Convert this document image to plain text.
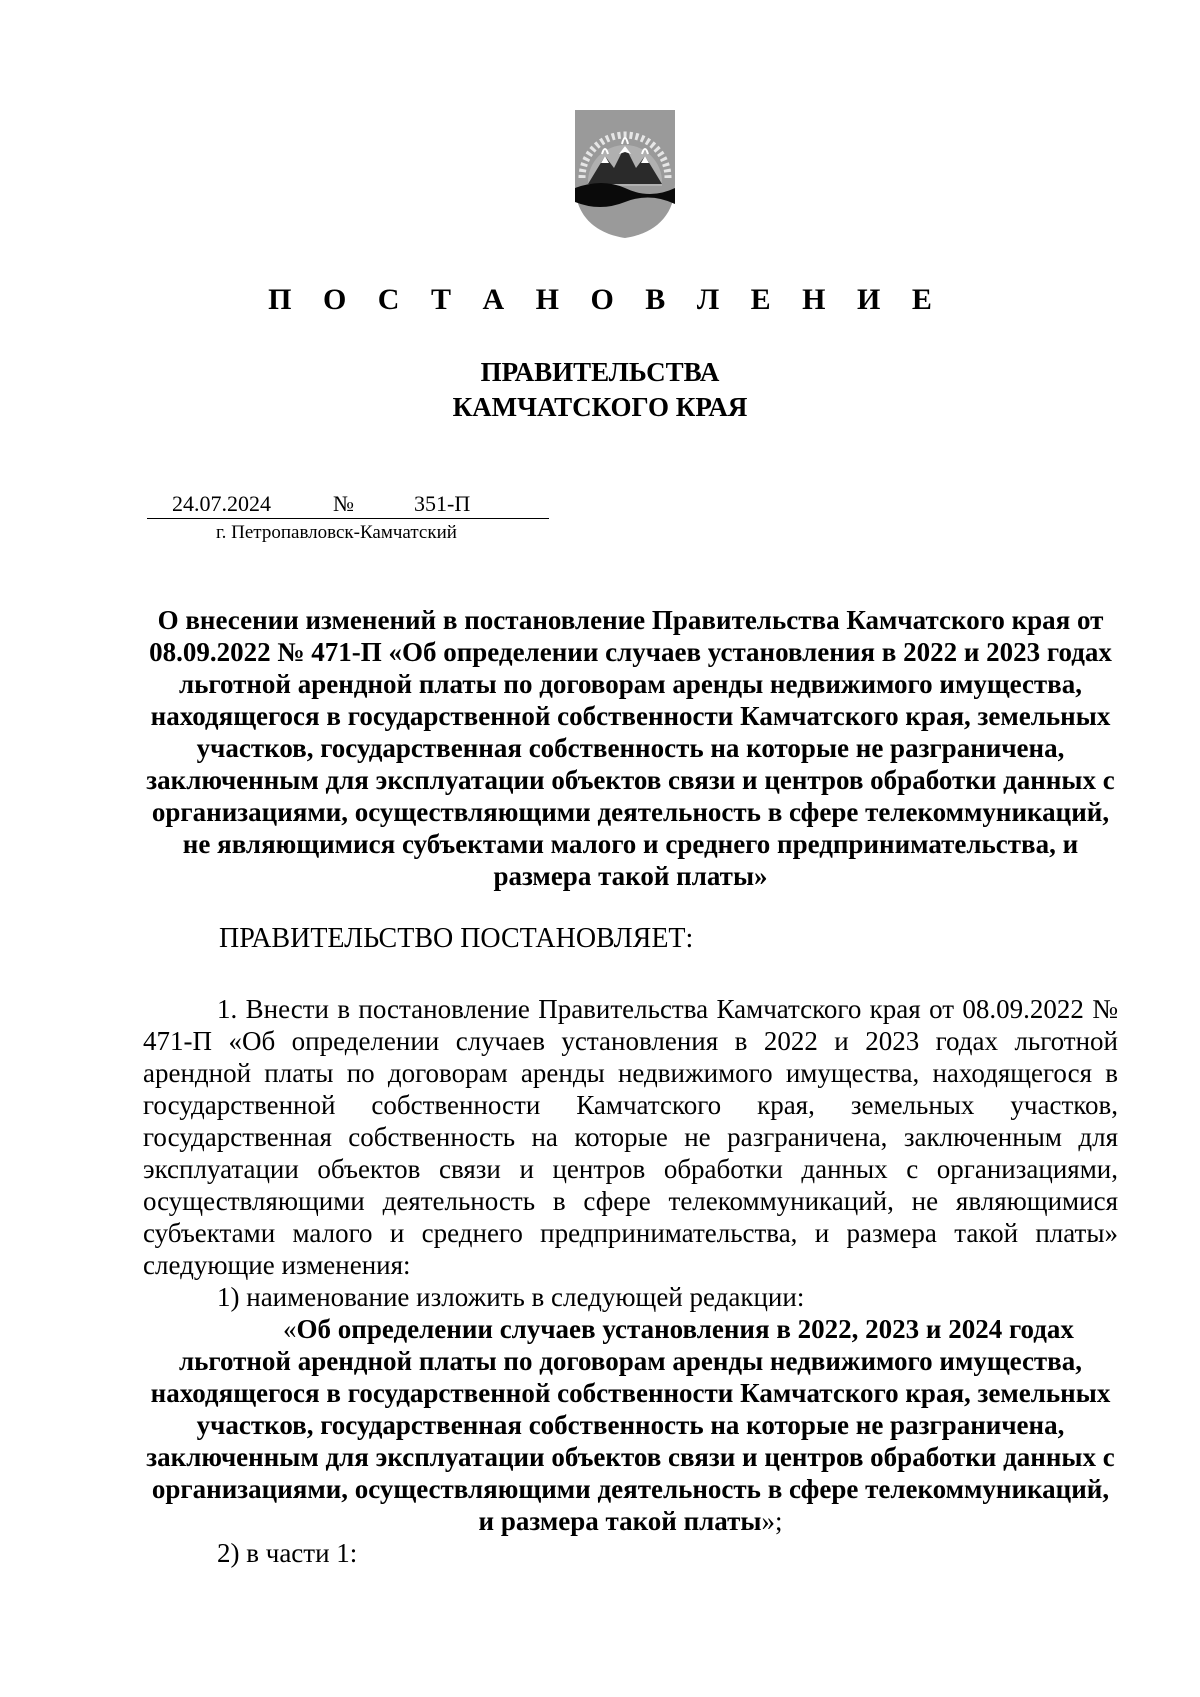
П О С Т А Н О В Л Е Н И Е
ПРАВИТЕЛЬСТВА
КАМЧАТСКОГО КРАЯ
24.07.2024	№	351-П
г. Петропавловск-Камчатский
О внесении изменений в постановление Правительства Камчатского края от 08.09.2022 № 471-П «Об определении случаев установления в 2022 и 2023 годах льготной арендной платы по договорам аренды недвижимого имущества, находящегося в государственной собственности Камчатского края, земельных участков, государственная собственность на которые не разграничена, заключенным для эксплуатации объектов связи и центров обработки данных с организациями, осуществляющими деятельность в сфере телекоммуникаций, не являющимися субъектами малого и среднего предпринимательства, и размера такой платы»
ПРАВИТЕЛЬСТВО ПОСТАНОВЛЯЕТ:

1. Внести в постановление Правительства Камчатского края от 08.09.2022 № 471-П «Об определении случаев установления в 2022 и 2023 годах льготной арендной платы по договорам аренды недвижимого имущества, находящегося в государственной собственности Камчатского края, земельных участков, государственная собственность на которые не разграничена, заключенным для эксплуатации объектов связи и центров обработки данных с организациями, осуществляющими деятельность в сфере телекоммуникаций, не являющимися субъектами малого и среднего предпринимательства, и размера такой платы» следующие изменения:

1) наименование изложить в следующей редакции:

«Об определении случаев установления в 2022, 2023 и 2024 годах льготной арендной платы по договорам аренды недвижимого имущества, находящегося в государственной собственности Камчатского края, земельных участков, государственная собственность на которые не разграничена, заключенным для эксплуатации объектов связи и центров обработки данных с организациями, осуществляющими деятельность в сфере телекоммуникаций, и размера такой платы»;

2) в части 1:
